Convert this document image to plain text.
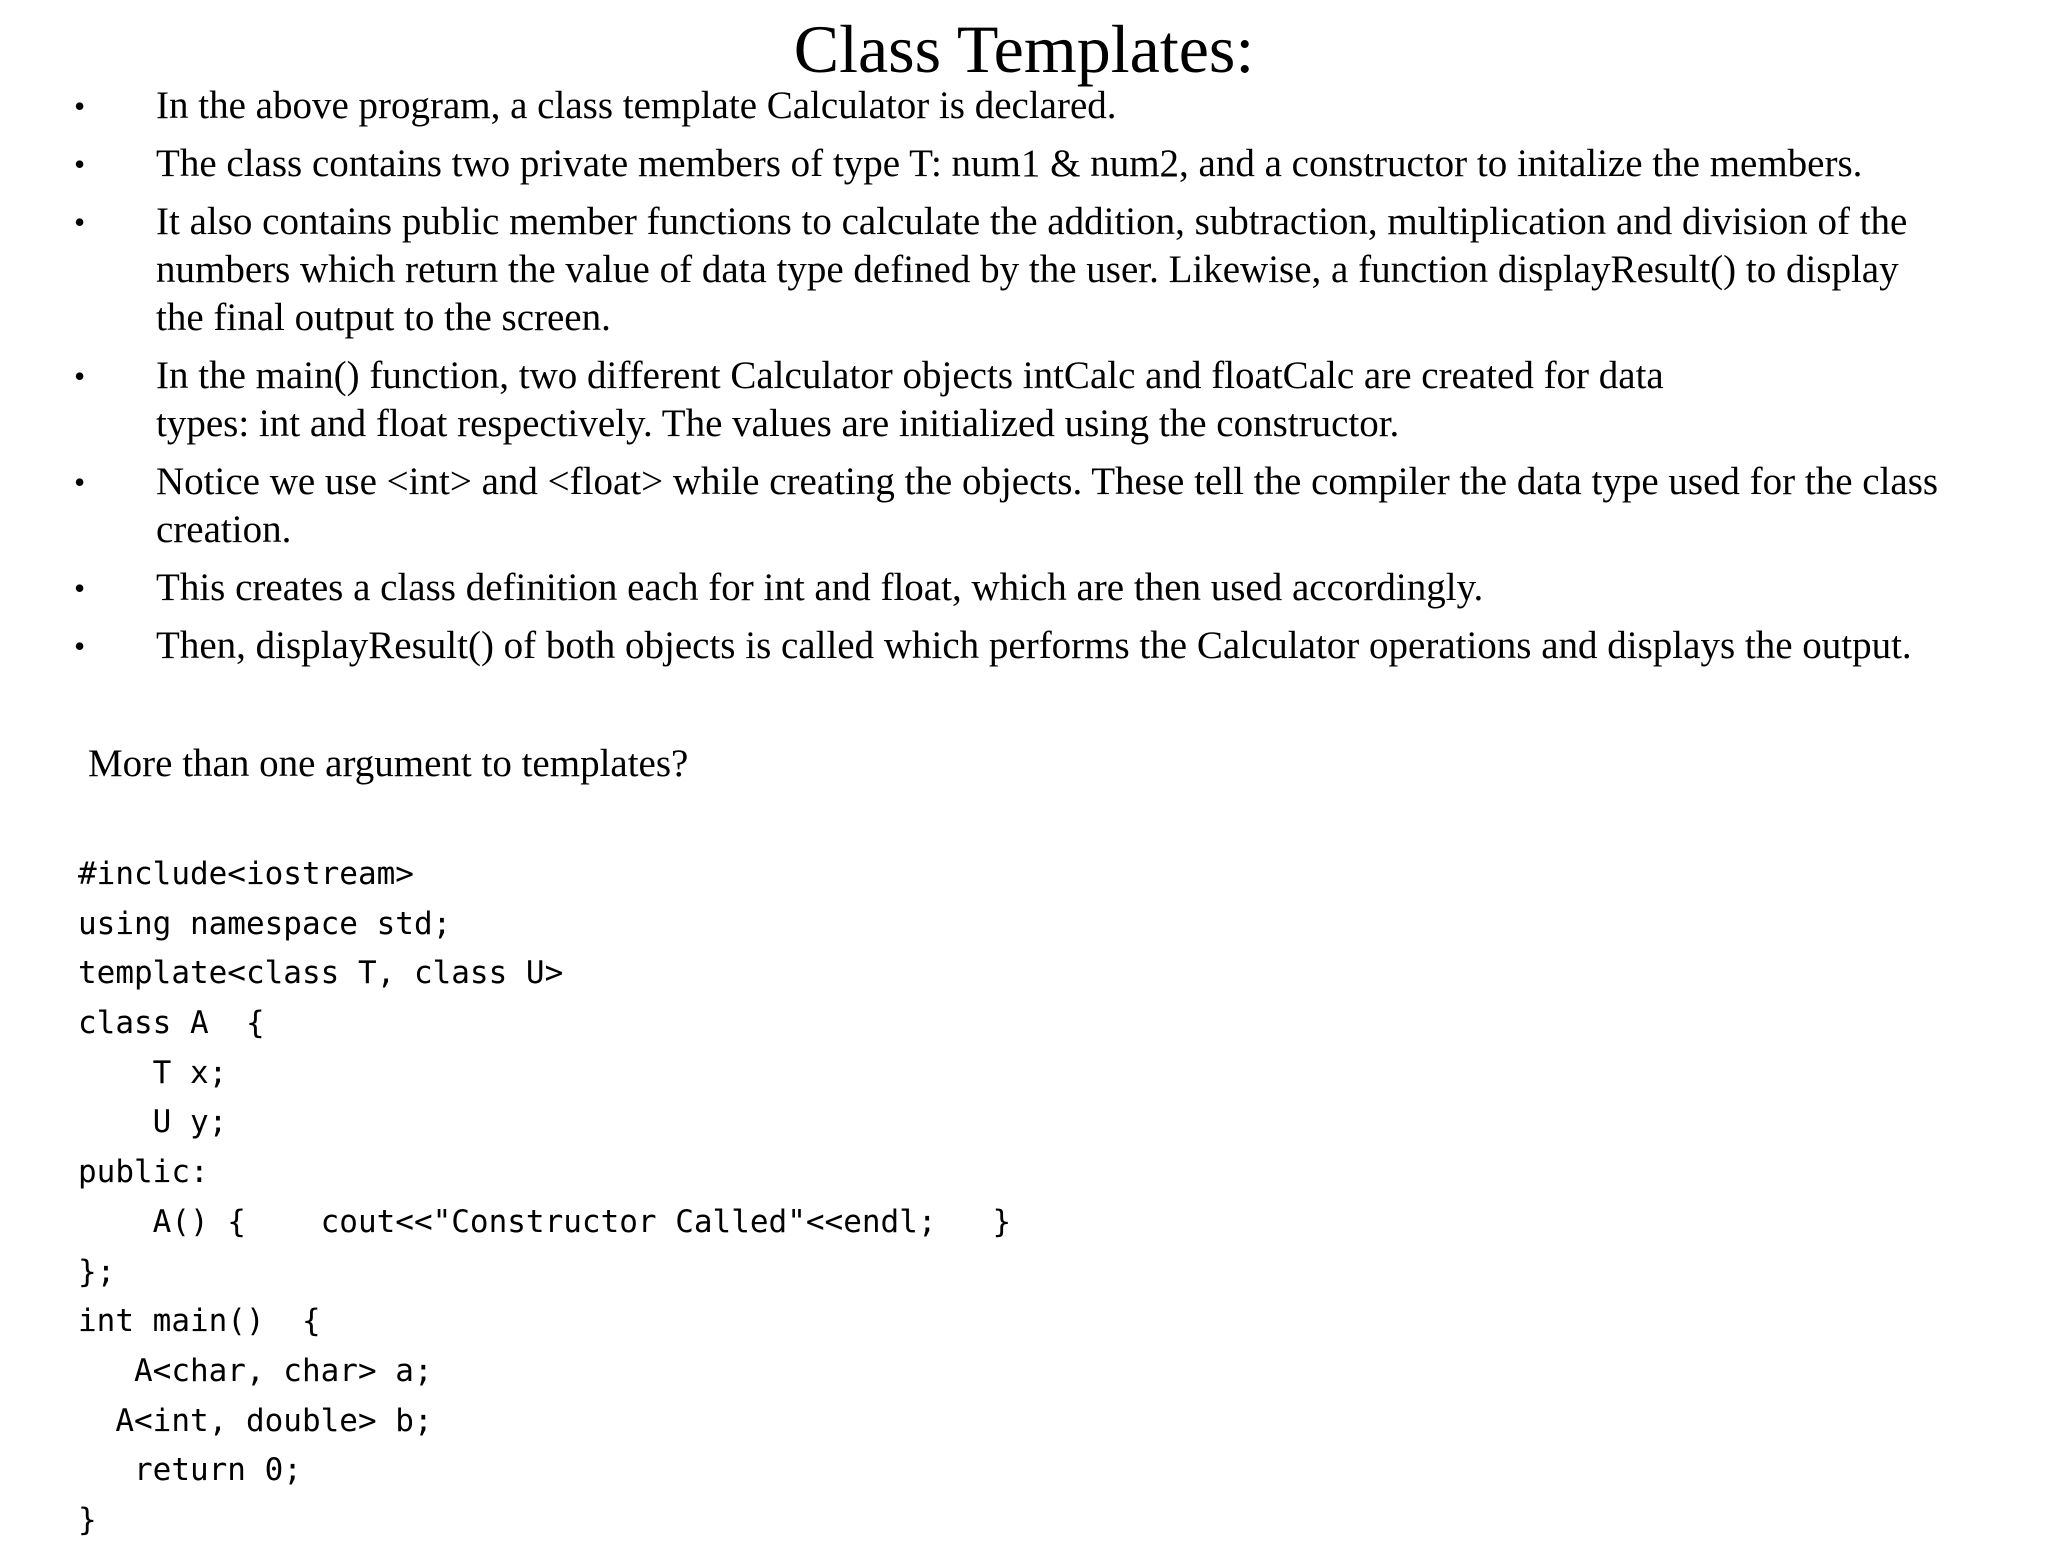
Class Templates:
• In the above program, a class template Calculator is declared.
• The class contains two private members of type T: num1 & num2, and a constructor to initalize the members.
• It also contains public member functions to calculate the addition, subtraction, multiplication and division of the
numbers which return the value of data type defined by the user. Likewise, a function displayResult() to display
the final output to the screen.
• In the main() function, two different Calculator objects intCalc and floatCalc are created for data
types: int and float respectively. The values are initialized using the constructor.
• Notice we use <int> and <float> while creating the objects. These tell the compiler the data type used for the class
creation.
• This creates a class definition each for int and float, which are then used accordingly.
• Then, displayResult() of both objects is called which performs the Calculator operations and displays the output.
More than one argument to templates?
#include<iostream>
using namespace std;
template<class T, class U>
class A  {
T x;
U y;
public:
A() {    cout<<"Constructor Called"<<endl;   }
};
int main()  {
A<char, char> a;
A<int, double> b;
return 0;
}
